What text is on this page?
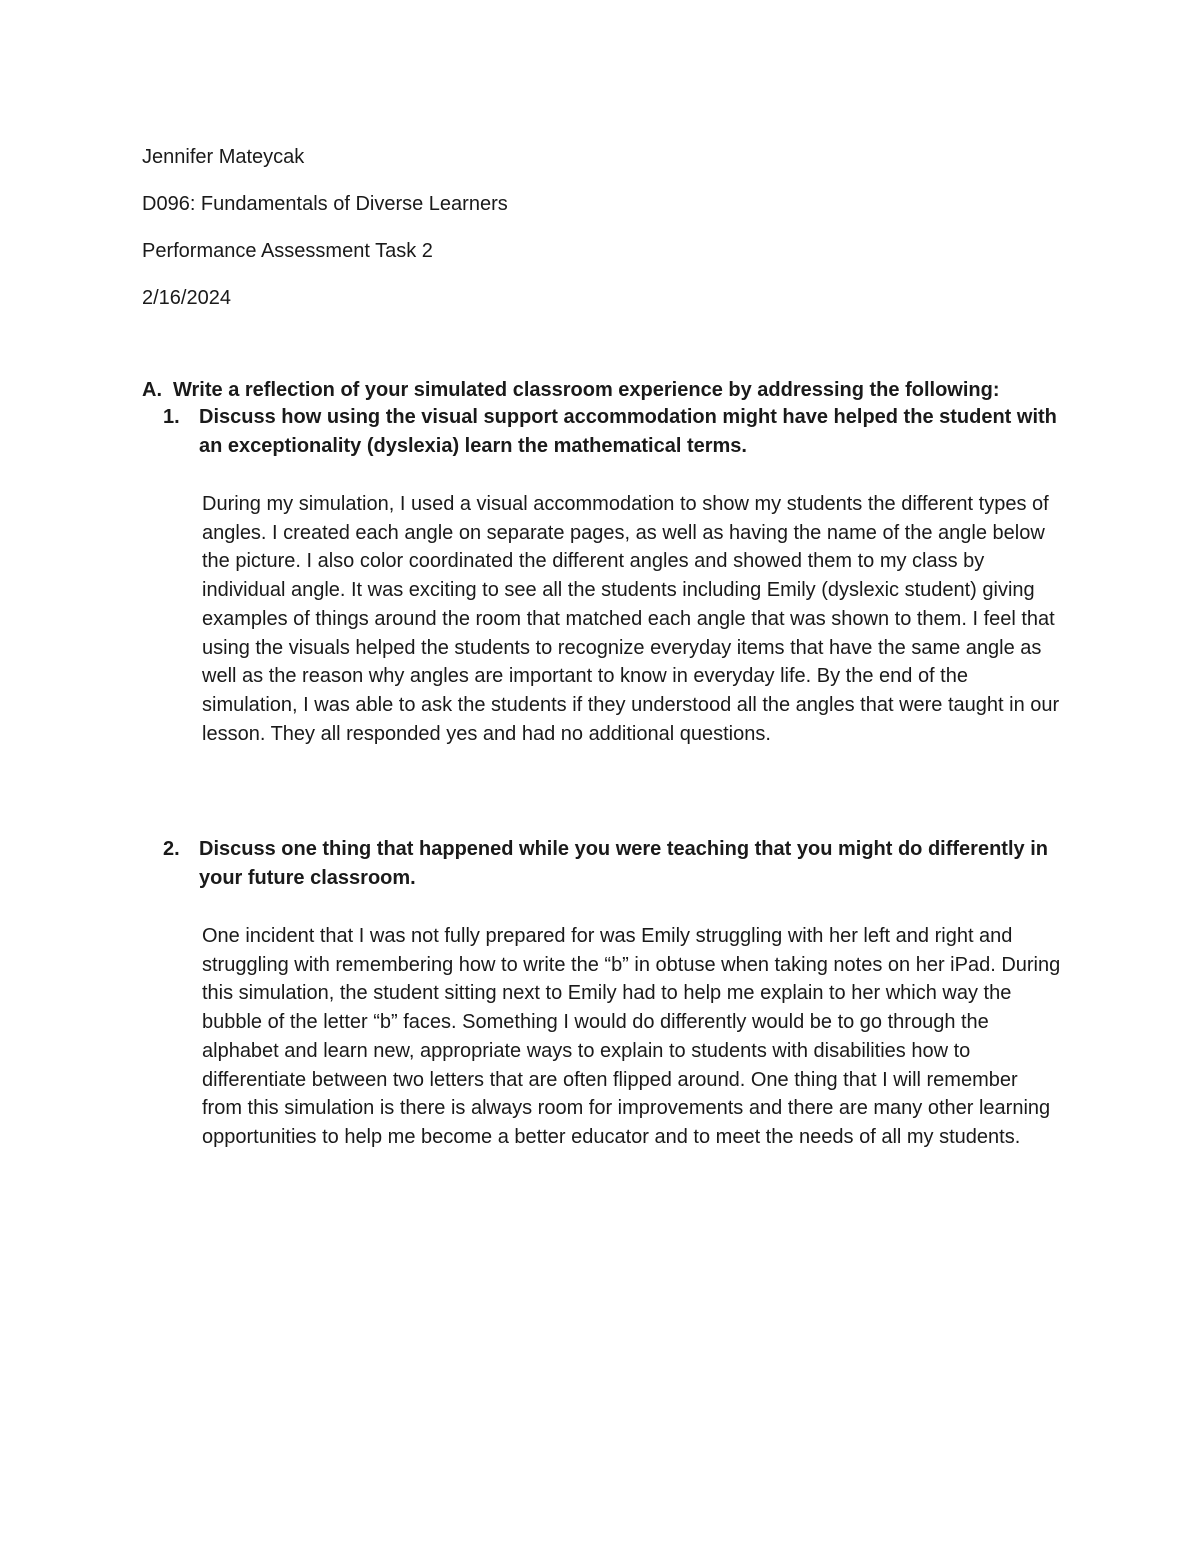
Jennifer Mateycak
D096: Fundamentals of Diverse Learners
Performance Assessment Task 2
2/16/2024
A. Write a reflection of your simulated classroom experience by addressing the following:
1. Discuss how using the visual support accommodation might have helped the student with an exceptionality (dyslexia) learn the mathematical terms.
During my simulation, I used a visual accommodation to show my students the different types of angles. I created each angle on separate pages, as well as having the name of the angle below the picture. I also color coordinated the different angles and showed them to my class by individual angle. It was exciting to see all the students including Emily (dyslexic student) giving examples of things around the room that matched each angle that was shown to them. I feel that using the visuals helped the students to recognize everyday items that have the same angle as well as the reason why angles are important to know in everyday life. By the end of the simulation, I was able to ask the students if they understood all the angles that were taught in our lesson. They all responded yes and had no additional questions.
2. Discuss one thing that happened while you were teaching that you might do differently in your future classroom.
One incident that I was not fully prepared for was Emily struggling with her left and right and struggling with remembering how to write the “b” in obtuse when taking notes on her iPad. During this simulation, the student sitting next to Emily had to help me explain to her which way the bubble of the letter “b” faces. Something I would do differently would be to go through the alphabet and learn new, appropriate ways to explain to students with disabilities how to differentiate between two letters that are often flipped around. One thing that I will remember from this simulation is there is always room for improvements and there are many other learning opportunities to help me become a better educator and to meet the needs of all my students.
